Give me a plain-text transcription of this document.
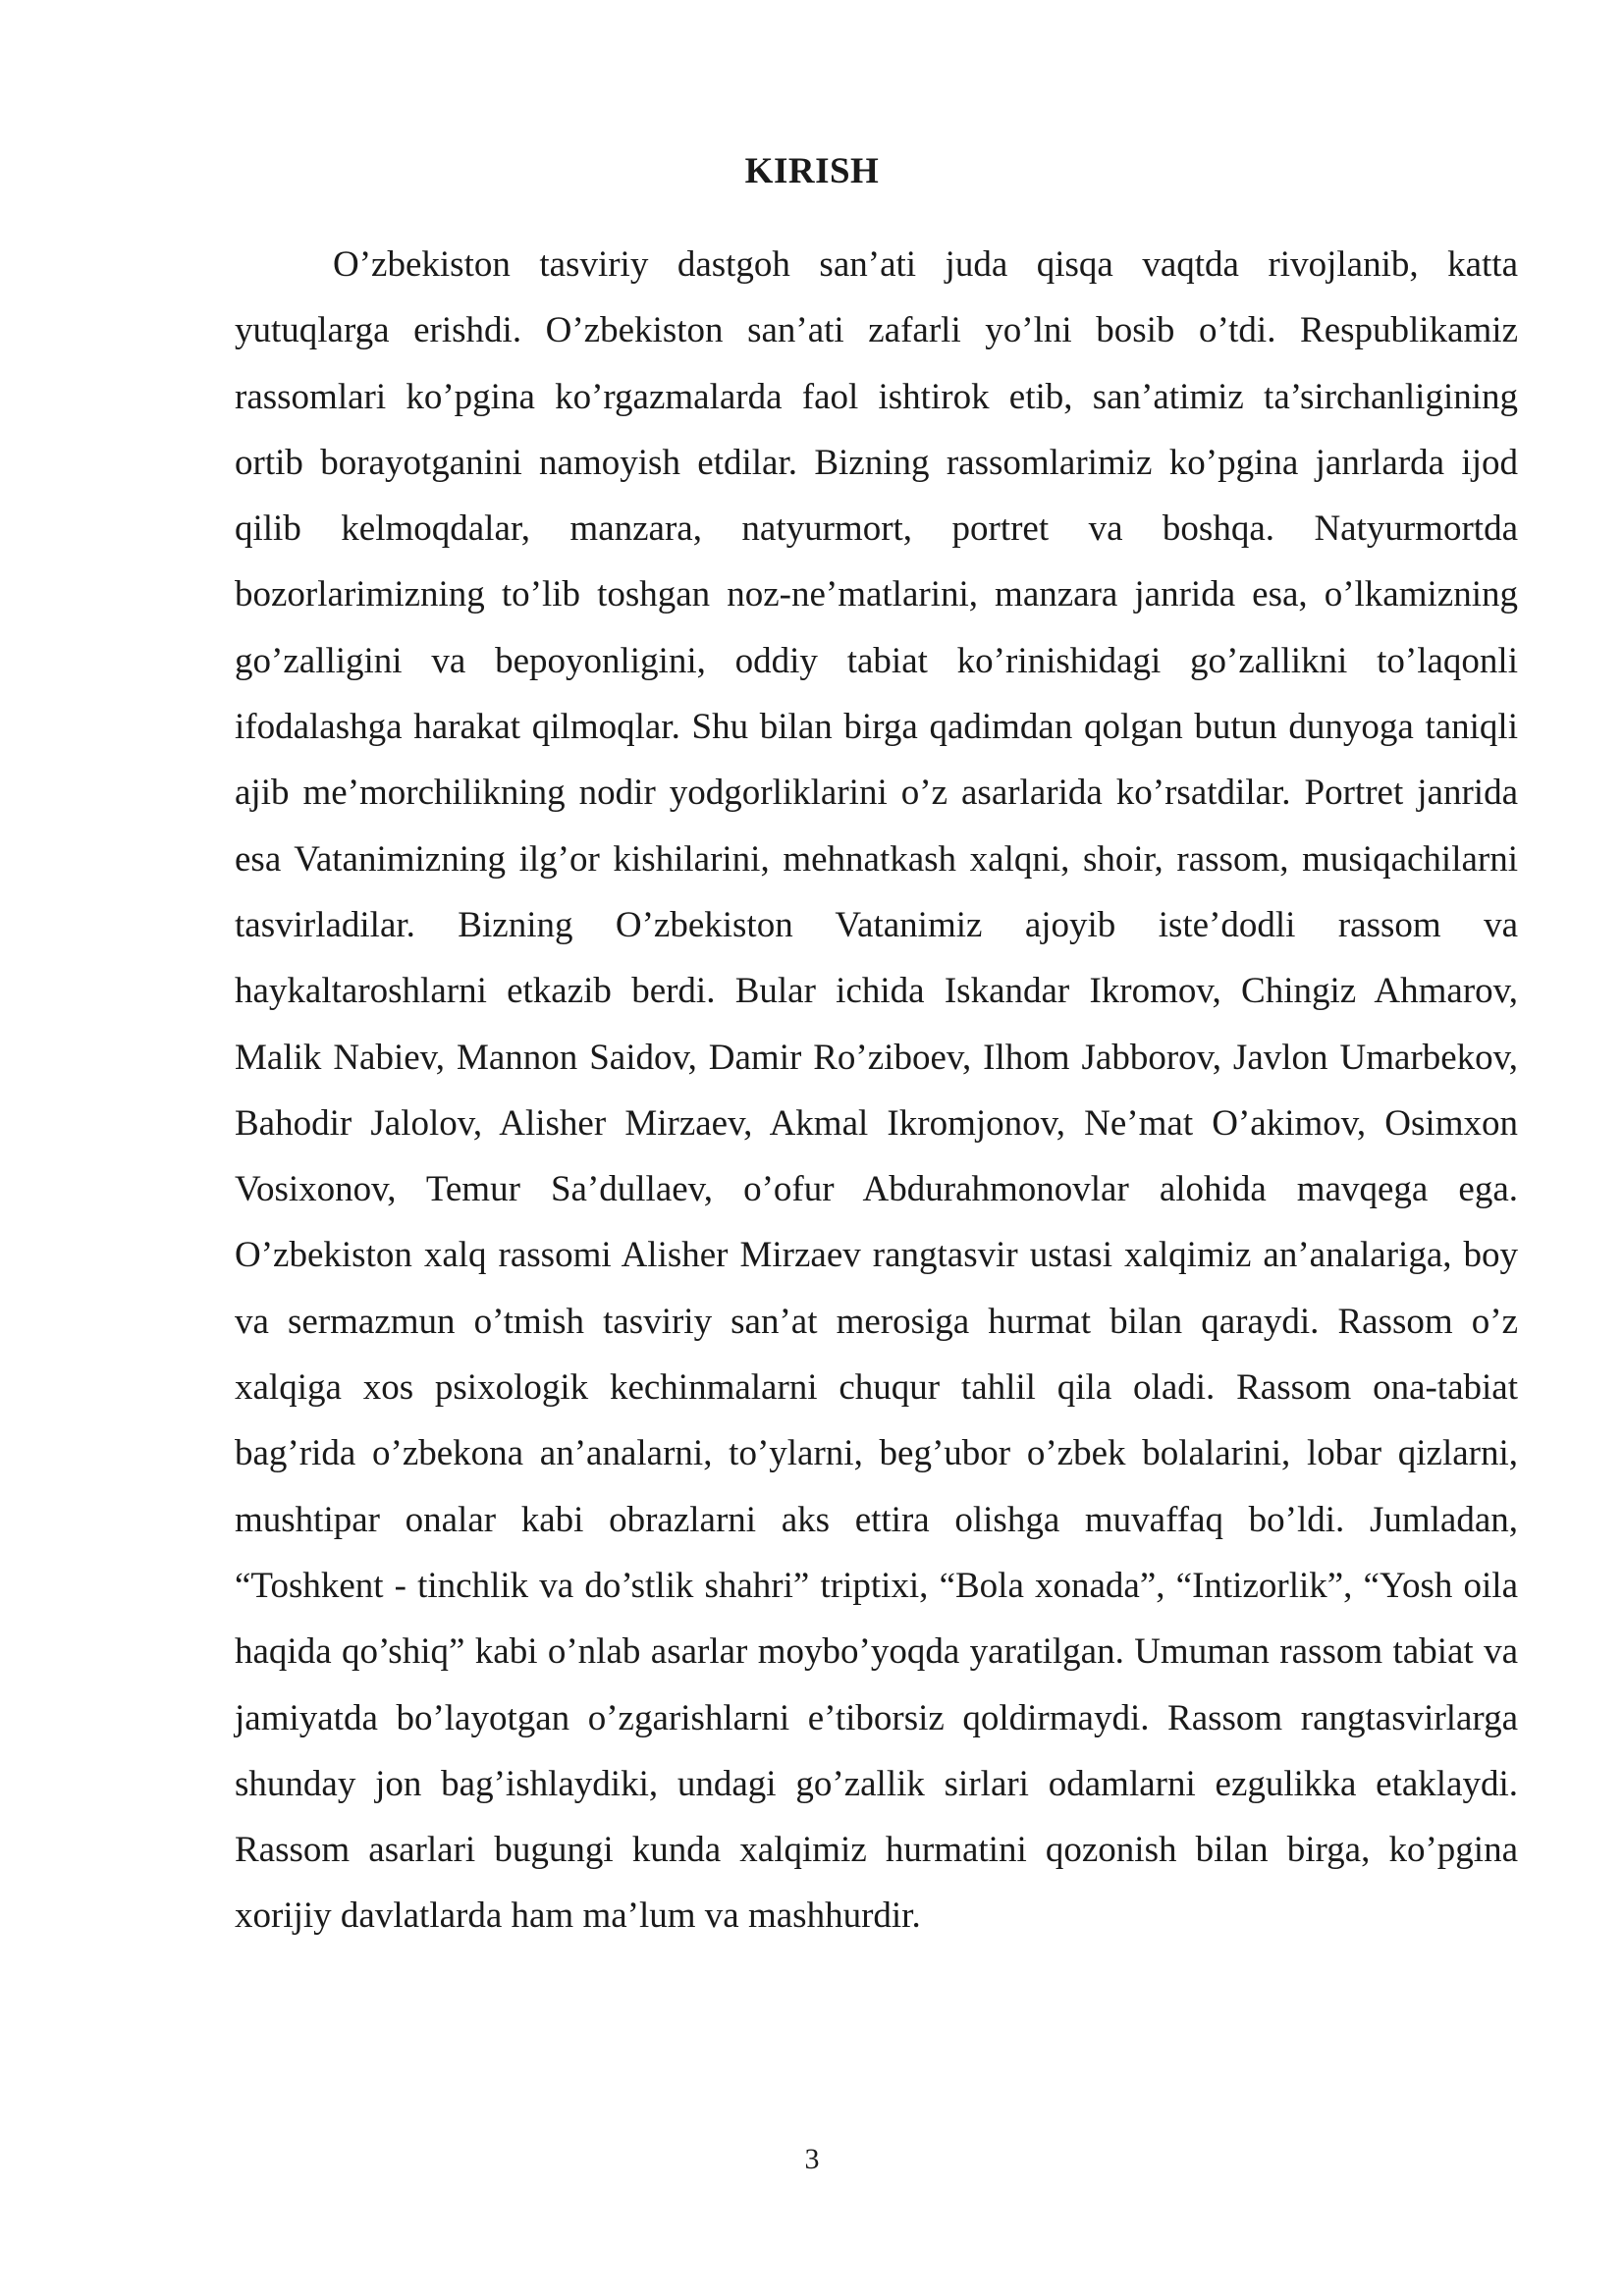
KIRISH

O’zbekiston tasviriy dastgoh san’ati juda qisqa vaqtda rivojlanib, katta yutuqlarga erishdi. O’zbekiston san’ati zafarli yo’lni bosib o’tdi. Respublikamiz rassomlari ko’pgina ko’rgazmalarda faol ishtirok etib, san’atimiz ta’sirchanligining ortib borayotganini namoyish etdilar. Bizning rassomlarimiz ko’pgina janrlarda ijod qilib kelmoqdalar, manzara, natyurmort, portret va boshqa. Natyurmortda bozorlarimizning to’lib toshgan noz-ne’matlarini, manzara janrida esa, o’lkamizning go’zalligini va bepoyonligini, oddiy tabiat ko’rinishidagi go’zallikni to’laqonli ifodalashga harakat qilmoqlar. Shu bilan birga qadimdan qolgan butun dunyoga taniqli ajib me’morchilikning nodir yodgorliklarini o’z asarlarida ko’rsatdilar. Portret janrida esa Vatanimizning ilg’or kishilarini, mehnatkash xalqni, shoir, rassom, musiqachilarni tasvirladilar. Bizning O’zbekiston Vatanimiz ajoyib iste’dodli rassom va haykaltaroshlarni etkazib berdi. Bular ichida Iskandar Ikromov, Chingiz Ahmarov, Malik Nabiev, Mannon Saidov, Damir Ro’ziboev, Ilhom Jabborov, Javlon Umarbekov, Bahodir Jalolov, Alisher Mirzaev, Akmal Ikromjonov, Ne’mat O’akimov, Osimxon Vosixonov, Temur Sa’dullaev, o’ofur Abdurahmonovlar alohida mavqega ega. O’zbekiston xalq rassomi Alisher Mirzaev rangtasvir ustasi xalqimiz an’analariga, boy va sermazmun o’tmish tasviriy san’at merosiga hurmat bilan qaraydi. Rassom o’z xalqiga xos psixologik kechinmalarni chuqur tahlil qila oladi. Rassom ona-tabiat bag’rida o’zbekona an’analarni, to’ylarni, beg’ubor o’zbek bolalarini, lobar qizlarni, mushtipar onalar kabi obrazlarni aks ettira olishga muvaffaq bo’ldi. Jumladan, “Toshkent - tinchlik va do’stlik shahri” triptixi, “Bola xonada”, “Intizorlik”, “Yosh oila haqida qo’shiq” kabi o’nlab asarlar moybo’yoqda yaratilgan. Umuman rassom tabiat va jamiyatda bo’layotgan o’zgarishlarni e’tiborsiz qoldirmaydi. Rassom rangtasvirlarga shunday jon bag’ishlaydiki, undagi go’zallik sirlari odamlarni ezgulikka etaklaydi. Rassom asarlari bugungi kunda xalqimiz hurmatini qozonish bilan birga, ko’pgina xorijiy davlatlarda ham ma’lum va mashhurdir.

3
